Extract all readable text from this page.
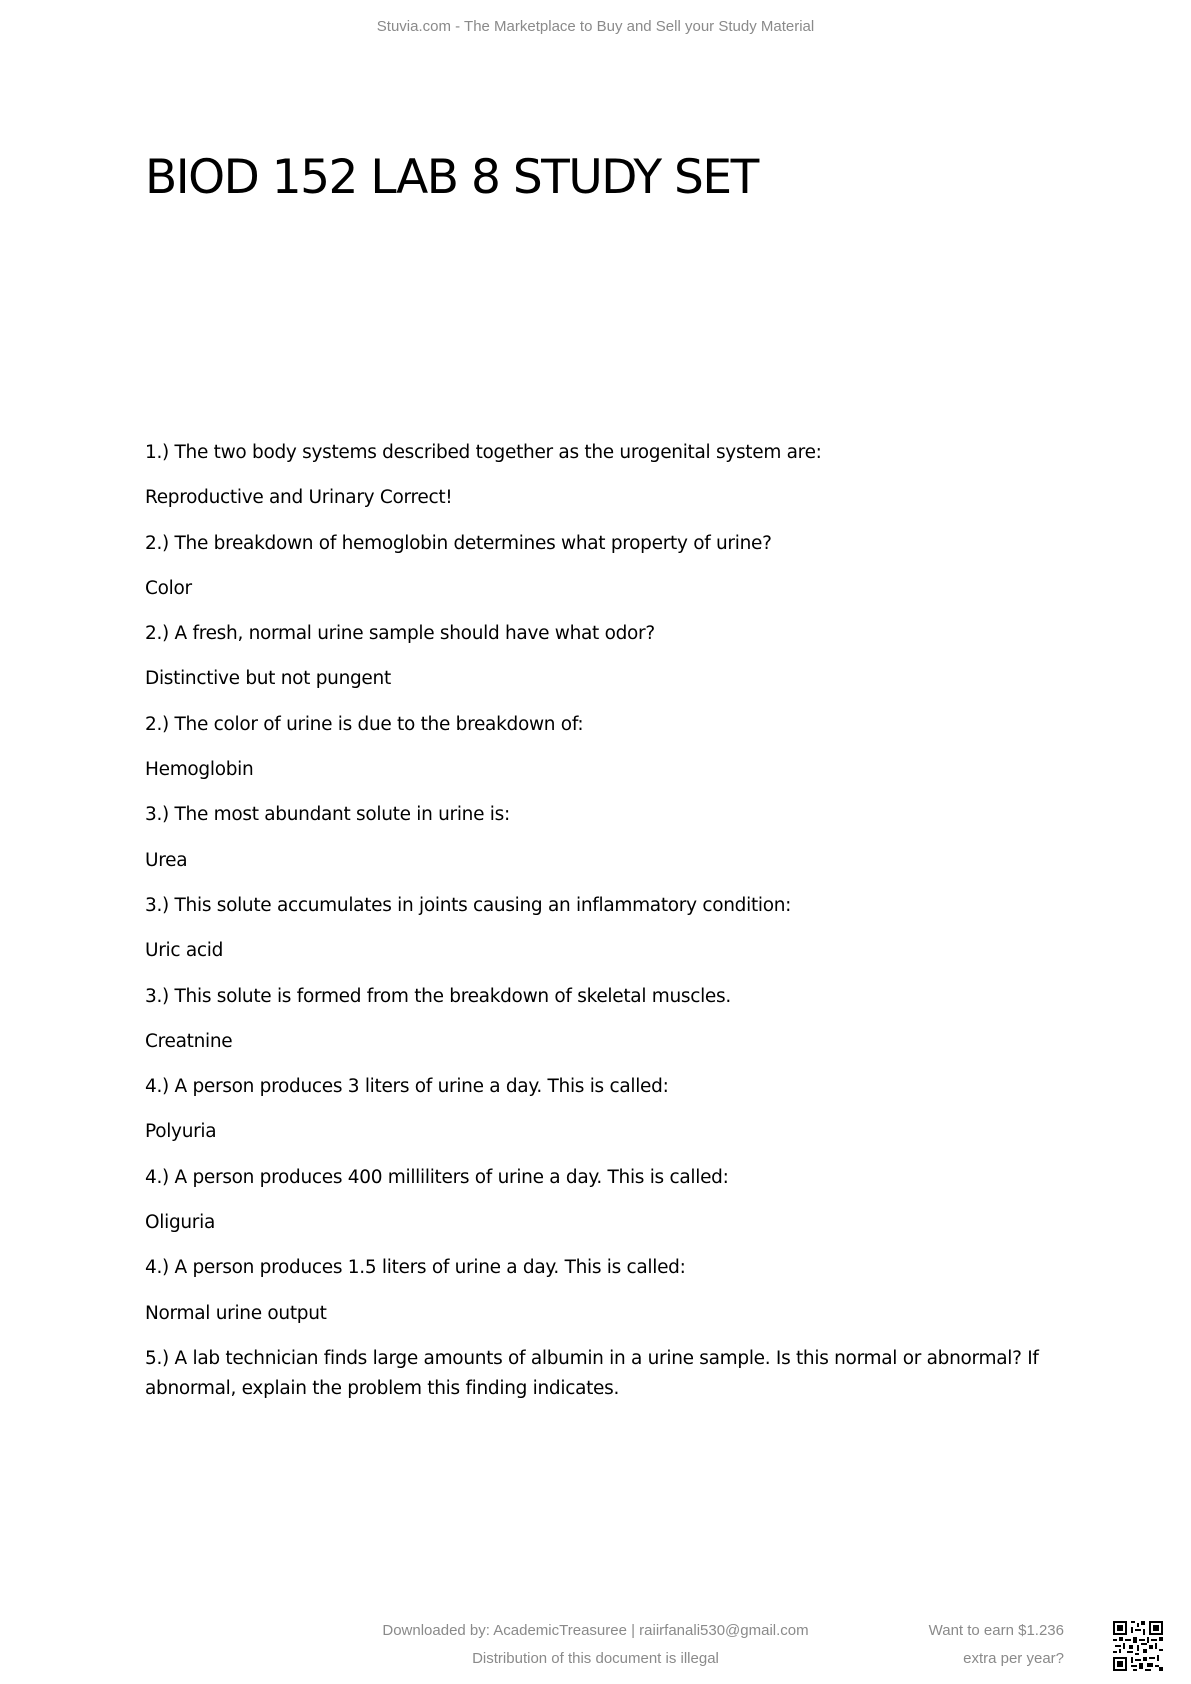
Stuvia.com - The Marketplace to Buy and Sell your Study Material
BIOD 152 LAB 8 STUDY SET
1.) The two body systems described together as the urogenital system are:
Reproductive and Urinary Correct!
2.) The breakdown of hemoglobin determines what property of urine?
Color
2.) A fresh, normal urine sample should have what odor?
Distinctive but not pungent
2.) The color of urine is due to the breakdown of:
Hemoglobin
3.) The most abundant solute in urine is:
Urea
3.) This solute accumulates in joints causing an inflammatory condition:
Uric acid
3.) This solute is formed from the breakdown of skeletal muscles.
Creatnine
4.) A person produces 3 liters of urine a day. This is called:
Polyuria
4.) A person produces 400 milliliters of urine a day. This is called:
Oliguria
4.) A person produces 1.5 liters of urine a day. This is called:
Normal urine output
5.) A lab technician finds large amounts of albumin in a urine sample. Is this normal or abnormal? If abnormal, explain the problem this finding indicates.
Downloaded by: AcademicTreasuree | raiirfanali530@gmail.com
Distribution of this document is illegal
Want to earn $1.236
extra per year?
